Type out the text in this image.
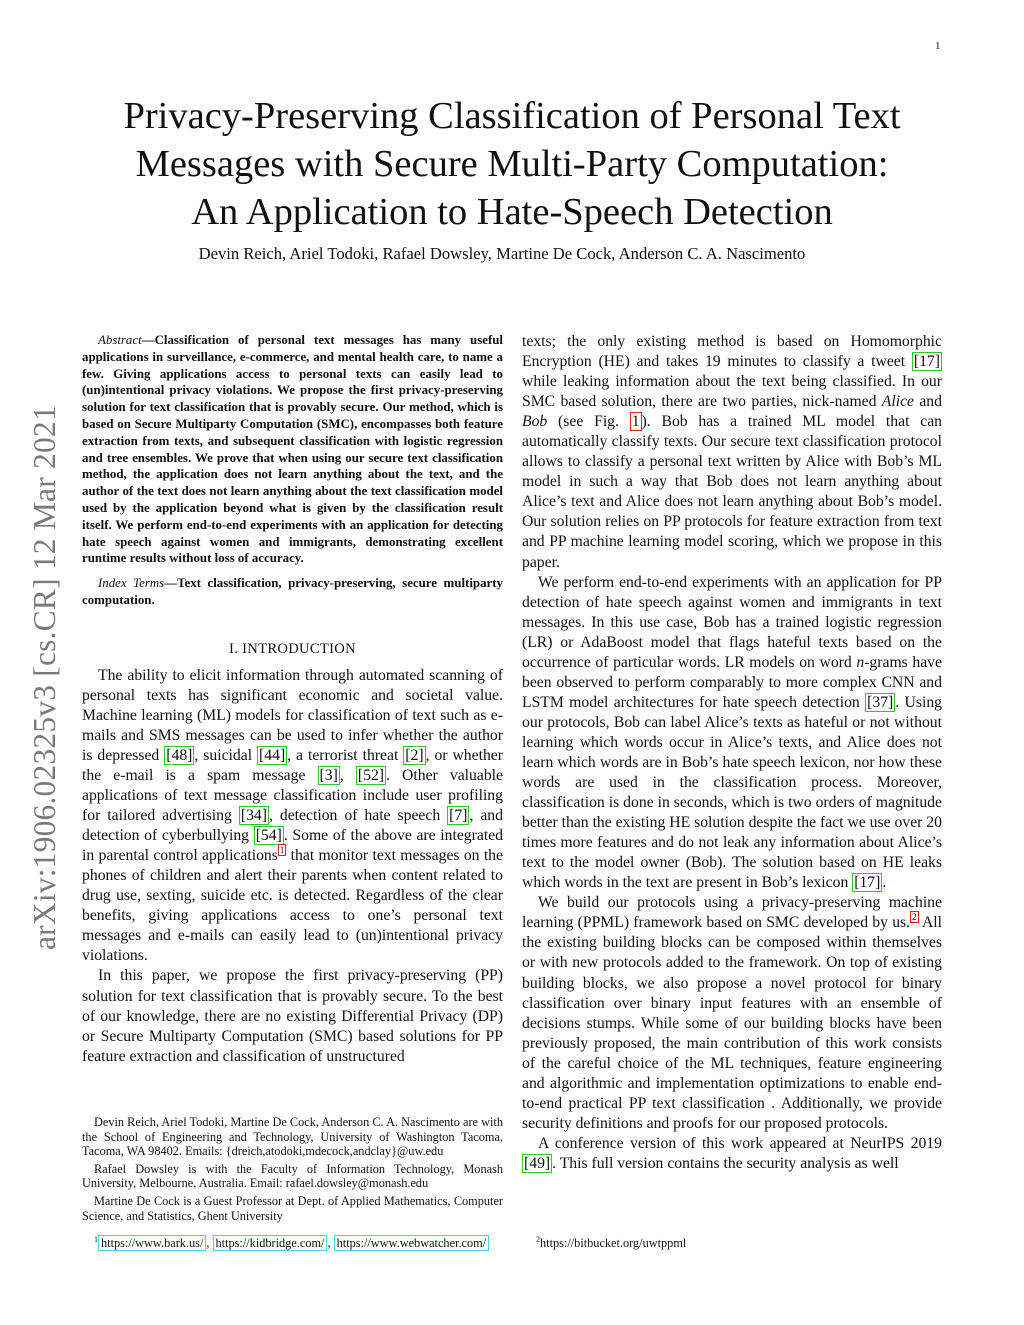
1
arXiv:1906.02325v3 [cs.CR] 12 Mar 2021
Privacy-Preserving Classification of Personal Text
Messages with Secure Multi-Party Computation:
An Application to Hate-Speech Detection
Devin Reich, Ariel Todoki, Rafael Dowsley, Martine De Cock, Anderson C. A. Nascimento

Abstract—Classification of personal text messages has many useful applications in surveillance, e-commerce, and mental health care, to name a few. Giving applications access to personal texts can easily lead to (un)intentional privacy violations. We propose the first privacy-preserving solution for text classification that is provably secure. Our method, which is based on Secure Multiparty Computation (SMC), encompasses both feature extraction from texts, and subsequent classification with logistic regression and tree ensembles. We prove that when using our secure text classification method, the application does not learn anything about the text, and the author of the text does not learn anything about the text classification model used by the application beyond what is given by the classification result itself. We perform end-to-end experiments with an application for detecting hate speech against women and immigrants, demonstrating excellent runtime results without loss of accuracy.

Index Terms—Text classification, privacy-preserving, secure multiparty computation.

I. INTRODUCTION

The ability to elicit information through automated scanning of personal texts has significant economic and societal value. Machine learning (ML) models for classification of text such as e-mails and SMS messages can be used to infer whether the author is depressed [48] , suicidal [44] , a terrorist threat [2] , or whether the e-mail is a spam message [3] , [52] . Other valuable applications of text message classification include user profiling for tailored advertising [34] , detection of hate speech [7] , and detection of cyberbullying [54] . Some of the above are integrated in parental control applications $^1$ that monitor text messages on the phones of children and alert their parents when content related to drug use, sexting, suicide etc. is detected. Regardless of the clear benefits, giving applications access to one’s personal text messages and e-mails can easily lead to (un)intentional privacy violations.

In this paper, we propose the first privacy-preserving (PP) solution for text classification that is provably secure. To the best of our knowledge, there are no existing Differential Privacy (DP) or Secure Multiparty Computation (SMC) based solutions for PP feature extraction and classification of unstructured

texts; the only existing method is based on Homomorphic Encryption (HE) and takes 19 minutes to classify a tweet [17] while leaking information about the text being classified. In our SMC based solution, there are two parties, nick-named Alice and Bob (see Fig. 1 ). Bob has a trained ML model that can automatically classify texts. Our secure text classification protocol allows to classify a personal text written by Alice with Bob’s ML model in such a way that Bob does not learn anything about Alice’s text and Alice does not learn anything about Bob’s model. Our solution relies on PP protocols for feature extraction from text and PP machine learning model scoring, which we propose in this paper.

We perform end-to-end experiments with an application for PP detection of hate speech against women and immigrants in text messages. In this use case, Bob has a trained logistic regression (LR) or AdaBoost model that flags hateful texts based on the occurrence of particular words. LR models on word n-grams have been observed to perform comparably to more complex CNN and LSTM model architectures for hate speech detection [37] . Using our protocols, Bob can label Alice’s texts as hateful or not without learning which words occur in Alice’s texts, and Alice does not learn which words are in Bob’s hate speech lexicon, nor how these words are used in the classification process. Moreover, classification is done in seconds, which is two orders of magnitude better than the existing HE solution despite the fact we use over 20 times more features and do not leak any information about Alice’s text to the model owner (Bob). The solution based on HE leaks which words in the text are present in Bob’s lexicon [17] .

We build our protocols using a privacy-preserving machine learning (PPML) framework based on SMC developed by us. $^2$ All the existing building blocks can be composed within themselves or with new protocols added to the framework. On top of existing building blocks, we also propose a novel protocol for binary classification over binary input features with an ensemble of decisions stumps. While some of our building blocks have been previously proposed, the main contribution of this work consists of the careful choice of the ML techniques, feature engineering and algorithmic and implementation optimizations to enable end-to-end practical PP text classification . Additionally, we provide security definitions and proofs for our proposed protocols.

A conference version of this work appeared at NeurIPS 2019 [49] . This full version contains the security analysis as well

Devin Reich, Ariel Todoki, Martine De Cock, Anderson C. A. Nascimento are with the School of Engineering and Technology, University of Washington Tacoma, Tacoma, WA 98402. Emails: {dreich,atodoki,mdecock,andclay}@uw.edu

Rafael Dowsley is with the Faculty of Information Technology, Monash University, Melbourne, Australia. Email: rafael.dowsley@monash.edu

Martine De Cock is a Guest Professor at Dept. of Applied Mathematics, Computer Science, and Statistics, Ghent University

$^1$ https://www.bark.us/ , https://kidbridge.com/ , https://www.webwatcher.com/	$^2$https://bitbucket.org/uwtppml
